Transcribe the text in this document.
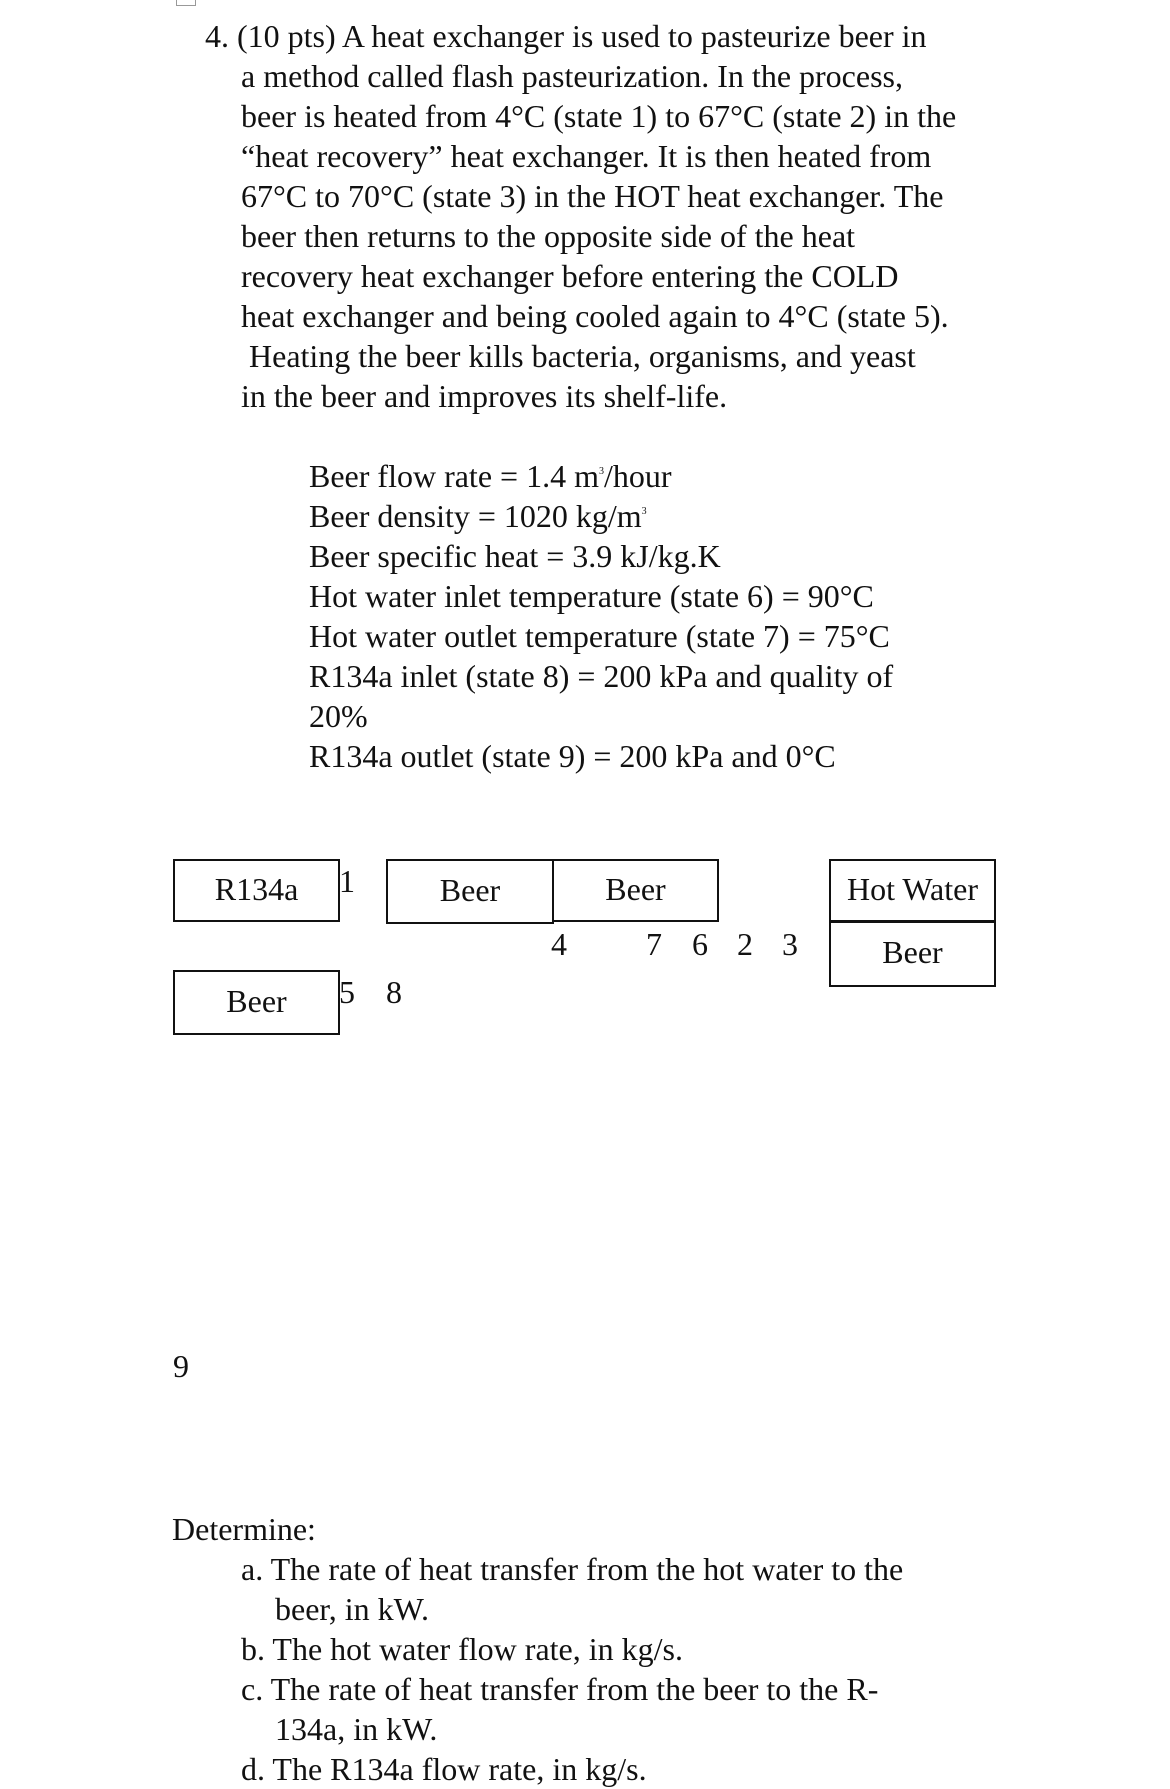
4. (10 pts) A heat exchanger is used to pasteurize beer in
a method called flash pasteurization. In the process,
beer is heated from 4°C (state 1) to 67°C (state 2) in the
“heat recovery” heat exchanger. It is then heated from
67°C to 70°C (state 3) in the HOT heat exchanger. The
beer then returns to the opposite side of the heat
recovery heat exchanger before entering the COLD
heat exchanger and being cooled again to 4°C (state 5).
Heating the beer kills bacteria, organisms, and yeast
in the beer and improves its shelf-life.
Beer flow rate = 1.4 $m^3$/hour
Beer density = 1020 $kg/m^3$
Beer specific heat = 3.9 kJ/kg.K
Hot water inlet temperature (state 6) = 90°C
Hot water outlet temperature (state 7) = 75°C
R134a inlet (state 8) = 200 kPa and quality of
20%
R134a outlet (state 9) = 200 kPa and 0°C
R134a	Beer	Beer	Hot Water
Beer
Beer
1
4 7 6 2 3
5 8
9
Determine:
a. The rate of heat transfer from the hot water to the
beer, in kW.
b. The hot water flow rate, in kg/s.
c. The rate of heat transfer from the beer to the R-
134a, in kW.
d. The R134a flow rate, in kg/s.
